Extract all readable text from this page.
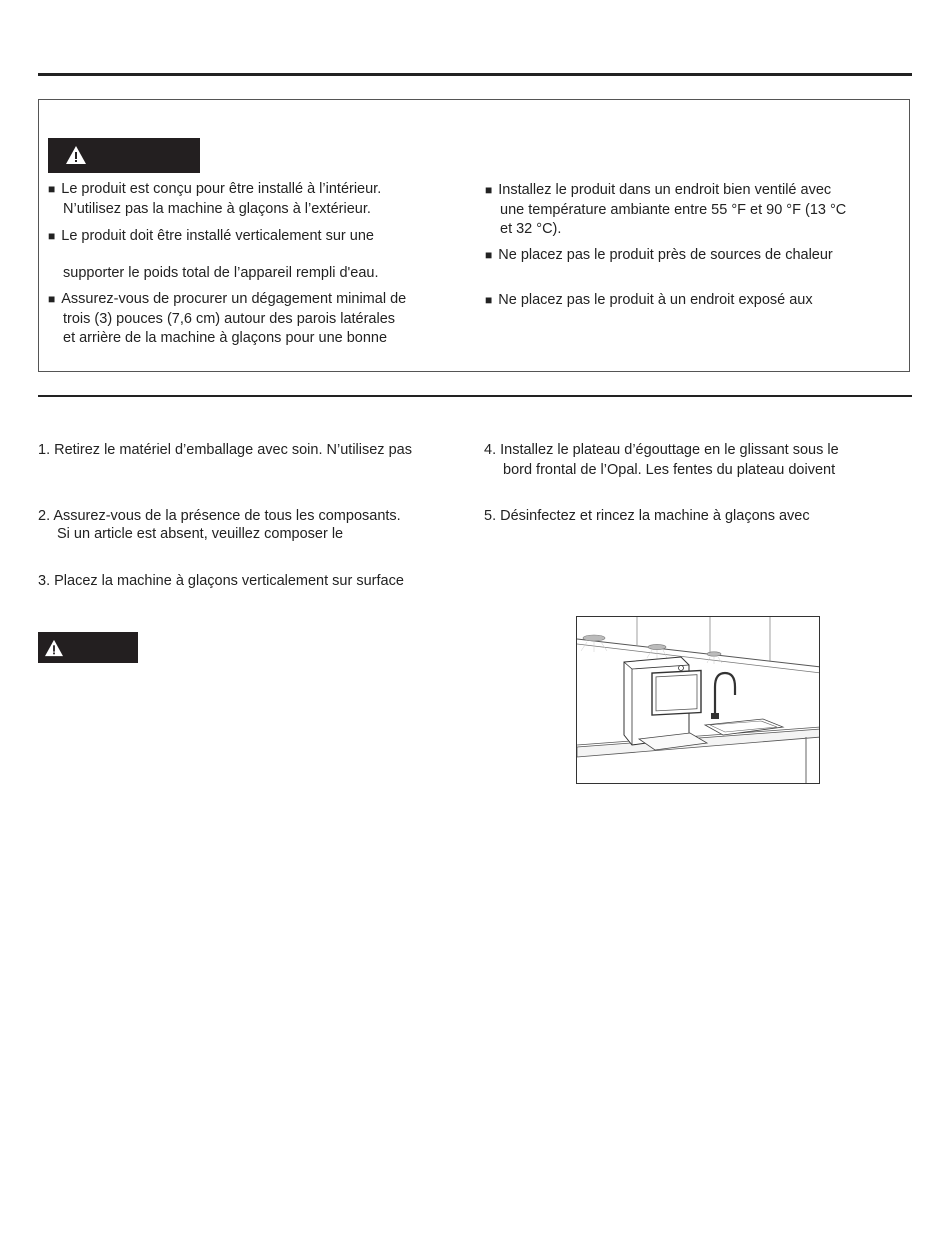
■ Le produit est conçu pour être installé à l’intérieur.
N’utilisez pas la machine à glaçons à l’extérieur.
■ Le produit doit être installé verticalement sur une
supporter le poids total de l’appareil rempli d'eau.
■ Assurez-vous de procurer un dégagement minimal de
trois (3) pouces (7,6 cm) autour des parois latérales
et arrière de la machine à glaçons pour une bonne
■ Installez le produit dans un endroit bien ventilé avec
une température ambiante entre 55 °F et 90 °F (13 °C
et 32 °C).
■ Ne placez pas le produit près de sources de chaleur
■ Ne placez pas le produit à un endroit exposé aux
1. Retirez le matériel d’emballage avec soin. N’utilisez pas
2. Assurez-vous de la présence de tous les composants.
Si un article est absent, veuillez composer le
3. Placez la machine à glaçons verticalement sur surface
4. Installez le plateau d’égouttage en le glissant sous le
bord frontal de l’Opal. Les fentes du plateau doivent
5. Désinfectez et rincez la machine à glaçons avec
